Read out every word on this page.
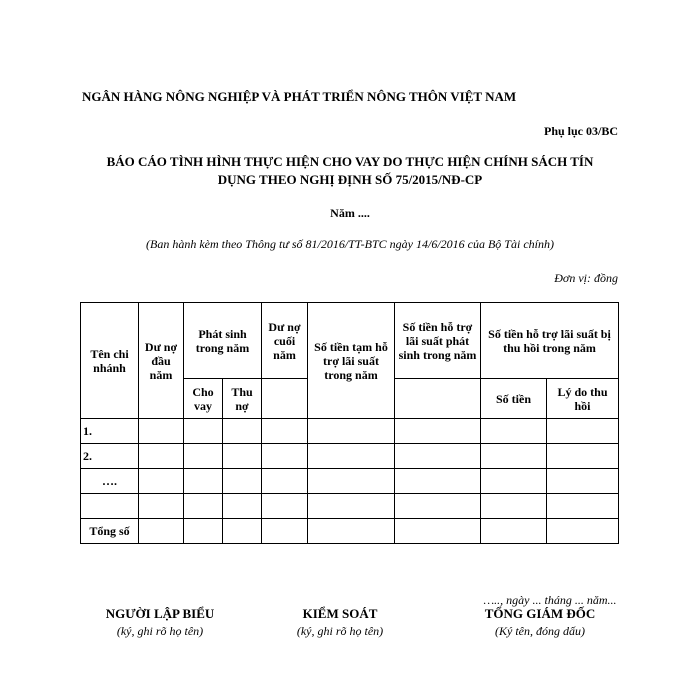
NGÂN HÀNG NÔNG NGHIỆP VÀ PHÁT TRIỂN NÔNG THÔN VIỆT NAM
Phụ lục 03/BC
BÁO CÁO TÌNH HÌNH THỰC HIỆN CHO VAY DO THỰC HIỆN CHÍNH SÁCH TÍN
DỤNG THEO NGHỊ ĐỊNH SỐ 75/2015/NĐ-CP
Năm ....
(Ban hành kèm theo Thông tư số 81/2016/TT-BTC ngày 14/6/2016 của Bộ Tài chính)
Đơn vị: đồng
Tên chi nhánh	Dư nợ đầu năm	Phát sinh trong năm		Dư nợ cuối năm	Số tiền tạm hỗ trợ lãi suất trong năm	Số tiền hỗ trợ lãi suất phát sinh trong năm	Số tiền hỗ trợ lãi suất bị thu hồi trong năm	
		Cho vay	Thu nợ				Số tiền	Lý do thu hồi
1.								
2.								
….								

Tổng số								
….., ngày ... tháng ... năm...
NGƯỜI LẬP BIỂU
(ký, ghi rõ họ tên)
KIỂM SOÁT
(ký, ghi rõ họ tên)
TỔNG GIÁM ĐỐC
(Ký tên, đóng dấu)
